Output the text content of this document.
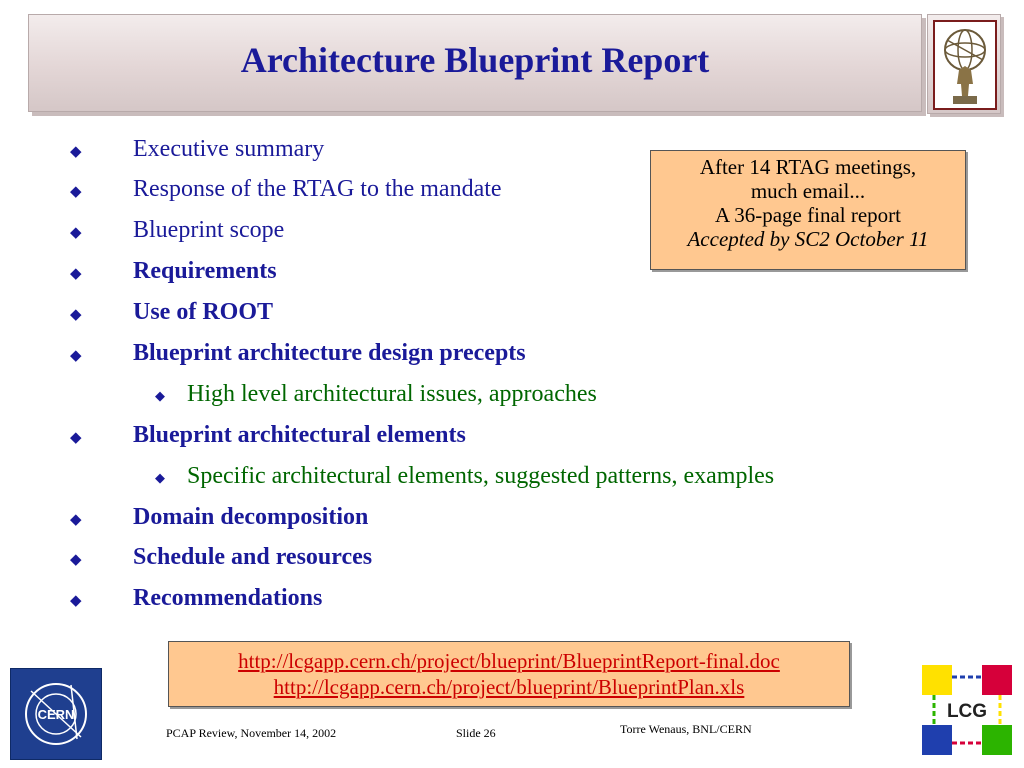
Architecture Blueprint Report
◆ Executive summary
◆ Response of the RTAG to the mandate
◆ Blueprint scope
◆ Requirements
◆ Use of ROOT
◆ Blueprint architecture design precepts
◆ High level architectural issues, approaches
◆ Blueprint architectural elements
◆ Specific architectural elements, suggested patterns, examples
◆ Domain decomposition
◆ Schedule and resources
◆ Recommendations
After 14 RTAG meetings,
much email...
A 36-page final report
Accepted by SC2 October 11
http://lcgapp.cern.ch/project/blueprint/BlueprintReport-final.doc
http://lcgapp.cern.ch/project/blueprint/BlueprintPlan.xls
CERN	LCG
PCAP Review, November 14, 2002	Slide 26	Torre Wenaus, BNL/CERN
